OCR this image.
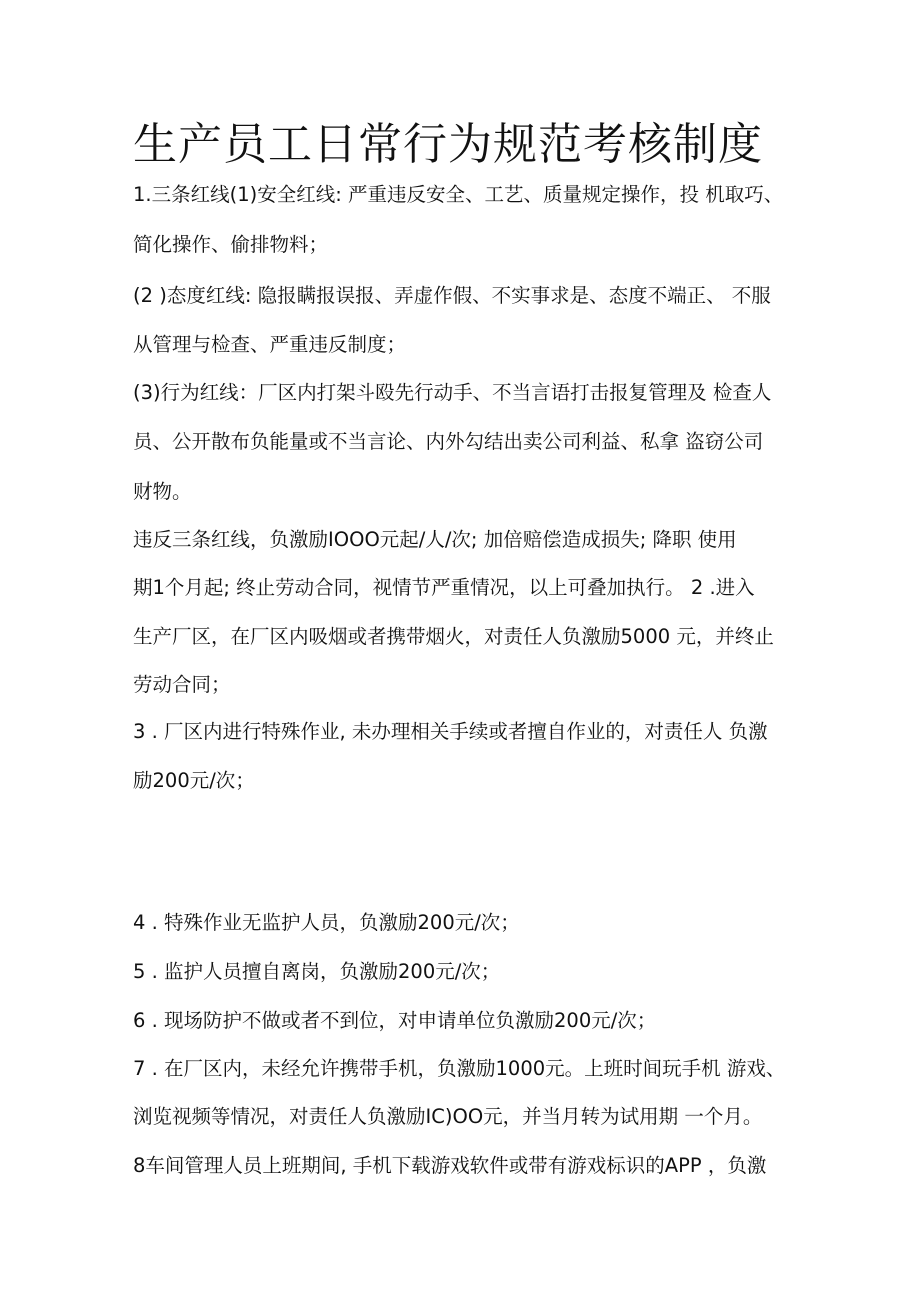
生产员工日常行为规范考核制度
1.三条红线(1)安全红线: 严重违反安全、工艺、质量规定操作，投 机取巧、
简化操作、偷排物料；
(2 )态度红线: 隐报瞒报误报、弄虚作假、不实事求是、态度不端正、 不服
从管理与检查、严重违反制度；
(3)行为红线：厂区内打架斗殴先行动手、不当言语打击报复管理及 检查人
员、公开散布负能量或不当言论、内外勾结出卖公司利益、私拿 盗窃公司
财物。
违反三条红线，负激励IOOO元起/人/次; 加倍赔偿造成损失; 降职 使用
期1个月起; 终止劳动合同，视情节严重情况，以上可叠加执行。 2 .进入
生产厂区，在厂区内吸烟或者携带烟火，对责任人负激励5000 元，并终止
劳动合同；
3 . 厂区内进行特殊作业, 未办理相关手续或者擅自作业的，对责任人 负激
励200元/次；
4 . 特殊作业无监护人员，负激励200元/次；
5 . 监护人员擅自离岗，负激励200元/次；
6 . 现场防护不做或者不到位，对申请单位负激励200元/次；
7 . 在厂区内，未经允许携带手机，负激励1000元。上班时间玩手机 游戏、
浏览视频等情况，对责任人负激励IC)OO元，并当月转为试用期 一个月。
8车间管理人员上班期间, 手机下载游戏软件或带有游戏标识的APP ，负激
